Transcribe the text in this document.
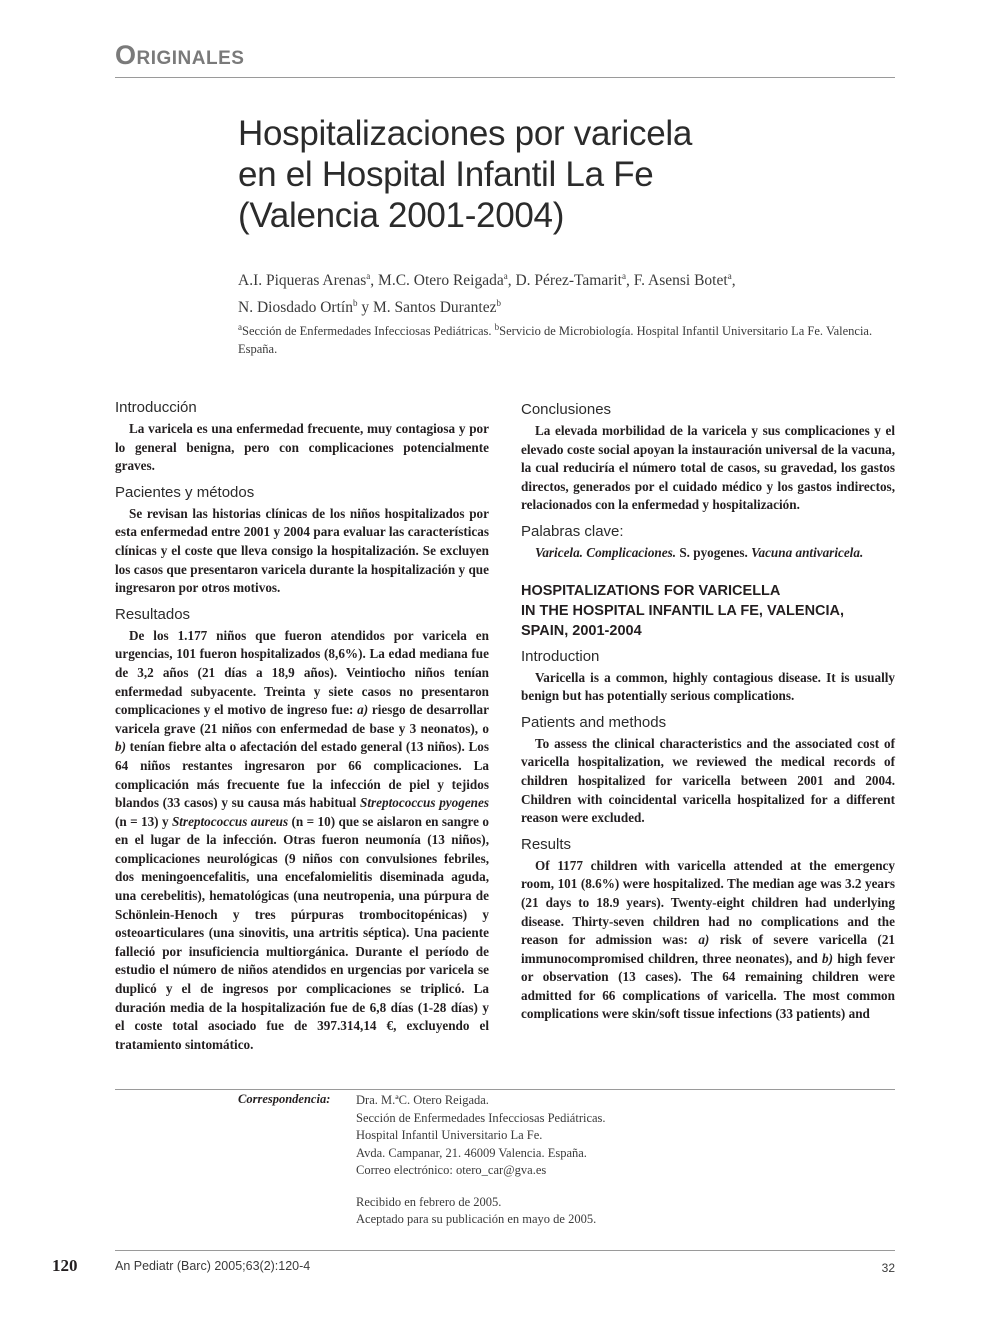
Originales
Hospitalizaciones por varicela
en el Hospital Infantil La Fe
(Valencia 2001-2004)
A.I. Piqueras Arenas$^a$, M.C. Otero Reigada$^a$, D. Pérez-Tamarit$^a$, F. Asensi Botet$^a$,
N. Diosdado Ortín$^b$ y M. Santos Durantez$^b$
$^a$Sección de Enfermedades Infecciosas Pediátricas. $^b$Servicio de Microbiología. Hospital Infantil Universitario La Fe. Valencia. España.
Introducción

La varicela es una enfermedad frecuente, muy contagiosa y por lo general benigna, pero con complicaciones potencialmente graves.

Pacientes y métodos

Se revisan las historias clínicas de los niños hospitalizados por esta enfermedad entre 2001 y 2004 para evaluar las características clínicas y el coste que lleva consigo la hospitalización. Se excluyen los casos que presentaron varicela durante la hospitalización y que ingresaron por otros motivos.

Resultados

De los 1.177 niños que fueron atendidos por varicela en urgencias, 101 fueron hospitalizados (8,6%). La edad mediana fue de 3,2 años (21 días a 18,9 años). Veintiocho niños tenían enfermedad subyacente. Treinta y siete casos no presentaron complicaciones y el motivo de ingreso fue: a) riesgo de desarrollar varicela grave (21 niños con enfermedad de base y 3 neonatos), o b) tenían fiebre alta o afectación del estado general (13 niños). Los 64 niños restantes ingresaron por 66 complicaciones. La complicación más frecuente fue la infección de piel y tejidos blandos (33 casos) y su causa más habitual Streptococcus pyogenes (n = 13) y Streptococcus aureus (n = 10) que se aislaron en sangre o en el lugar de la infección. Otras fueron neumonía (13 niños), complicaciones neurológicas (9 niños con convulsiones febriles, dos meningoencefalitis, una encefalomielitis diseminada aguda, una cerebelitis), hematológicas (una neutropenia, una púrpura de Schönlein-Henoch y tres púrpuras trombocitopénicas) y osteoarticulares (una sinovitis, una artritis séptica). Una paciente falleció por insuficiencia multiorgánica. Durante el período de estudio el número de niños atendidos en urgencias por varicela se duplicó y el de ingresos por complicaciones se triplicó. La duración media de la hospitalización fue de 6,8 días (1-28 días) y el coste total asociado fue de 397.314,14 €, excluyendo el tratamiento sintomático.

Conclusiones

La elevada morbilidad de la varicela y sus complicaciones y el elevado coste social apoyan la instauración universal de la vacuna, la cual reduciría el número total de casos, su gravedad, los gastos directos, generados por el cuidado médico y los gastos indirectos, relacionados con la enfermedad y hospitalización.

Palabras clave:

Varicela. Complicaciones. S. pyogenes. Vacuna antivaricela.

HOSPITALIZATIONS FOR VARICELLA
IN THE HOSPITAL INFANTIL LA FE, VALENCIA,
SPAIN, 2001-2004
Introduction

Varicella is a common, highly contagious disease. It is usually benign but has potentially serious complications.

Patients and methods

To assess the clinical characteristics and the associated cost of varicella hospitalization, we reviewed the medical records of children hospitalized for varicella between 2001 and 2004. Children with coincidental varicella hospitalized for a different reason were excluded.

Results

Of 1177 children with varicella attended at the emergency room, 101 (8.6%) were hospitalized. The median age was 3.2 years (21 days to 18.9 years). Twenty-eight children had underlying disease. Thirty-seven children had no complications and the reason for admission was: a) risk of severe varicella (21 immunocompromised children, three neonates), and b) high fever or observation (13 cases). The 64 remaining children were admitted for 66 complications of varicella. The most common complications were skin/soft tissue infections (33 patients) and

Correspondencia: Dra. M.ªC. Otero Reigada.
Sección de Enfermedades Infecciosas Pediátricas.
Hospital Infantil Universitario La Fe.
Avda. Campanar, 21. 46009 Valencia. España.
Correo electrónico: otero_car@gva.es
Recibido en febrero de 2005.
Aceptado para su publicación en mayo de 2005.
120	An Pediatr (Barc) 2005;63(2):120-4	32
